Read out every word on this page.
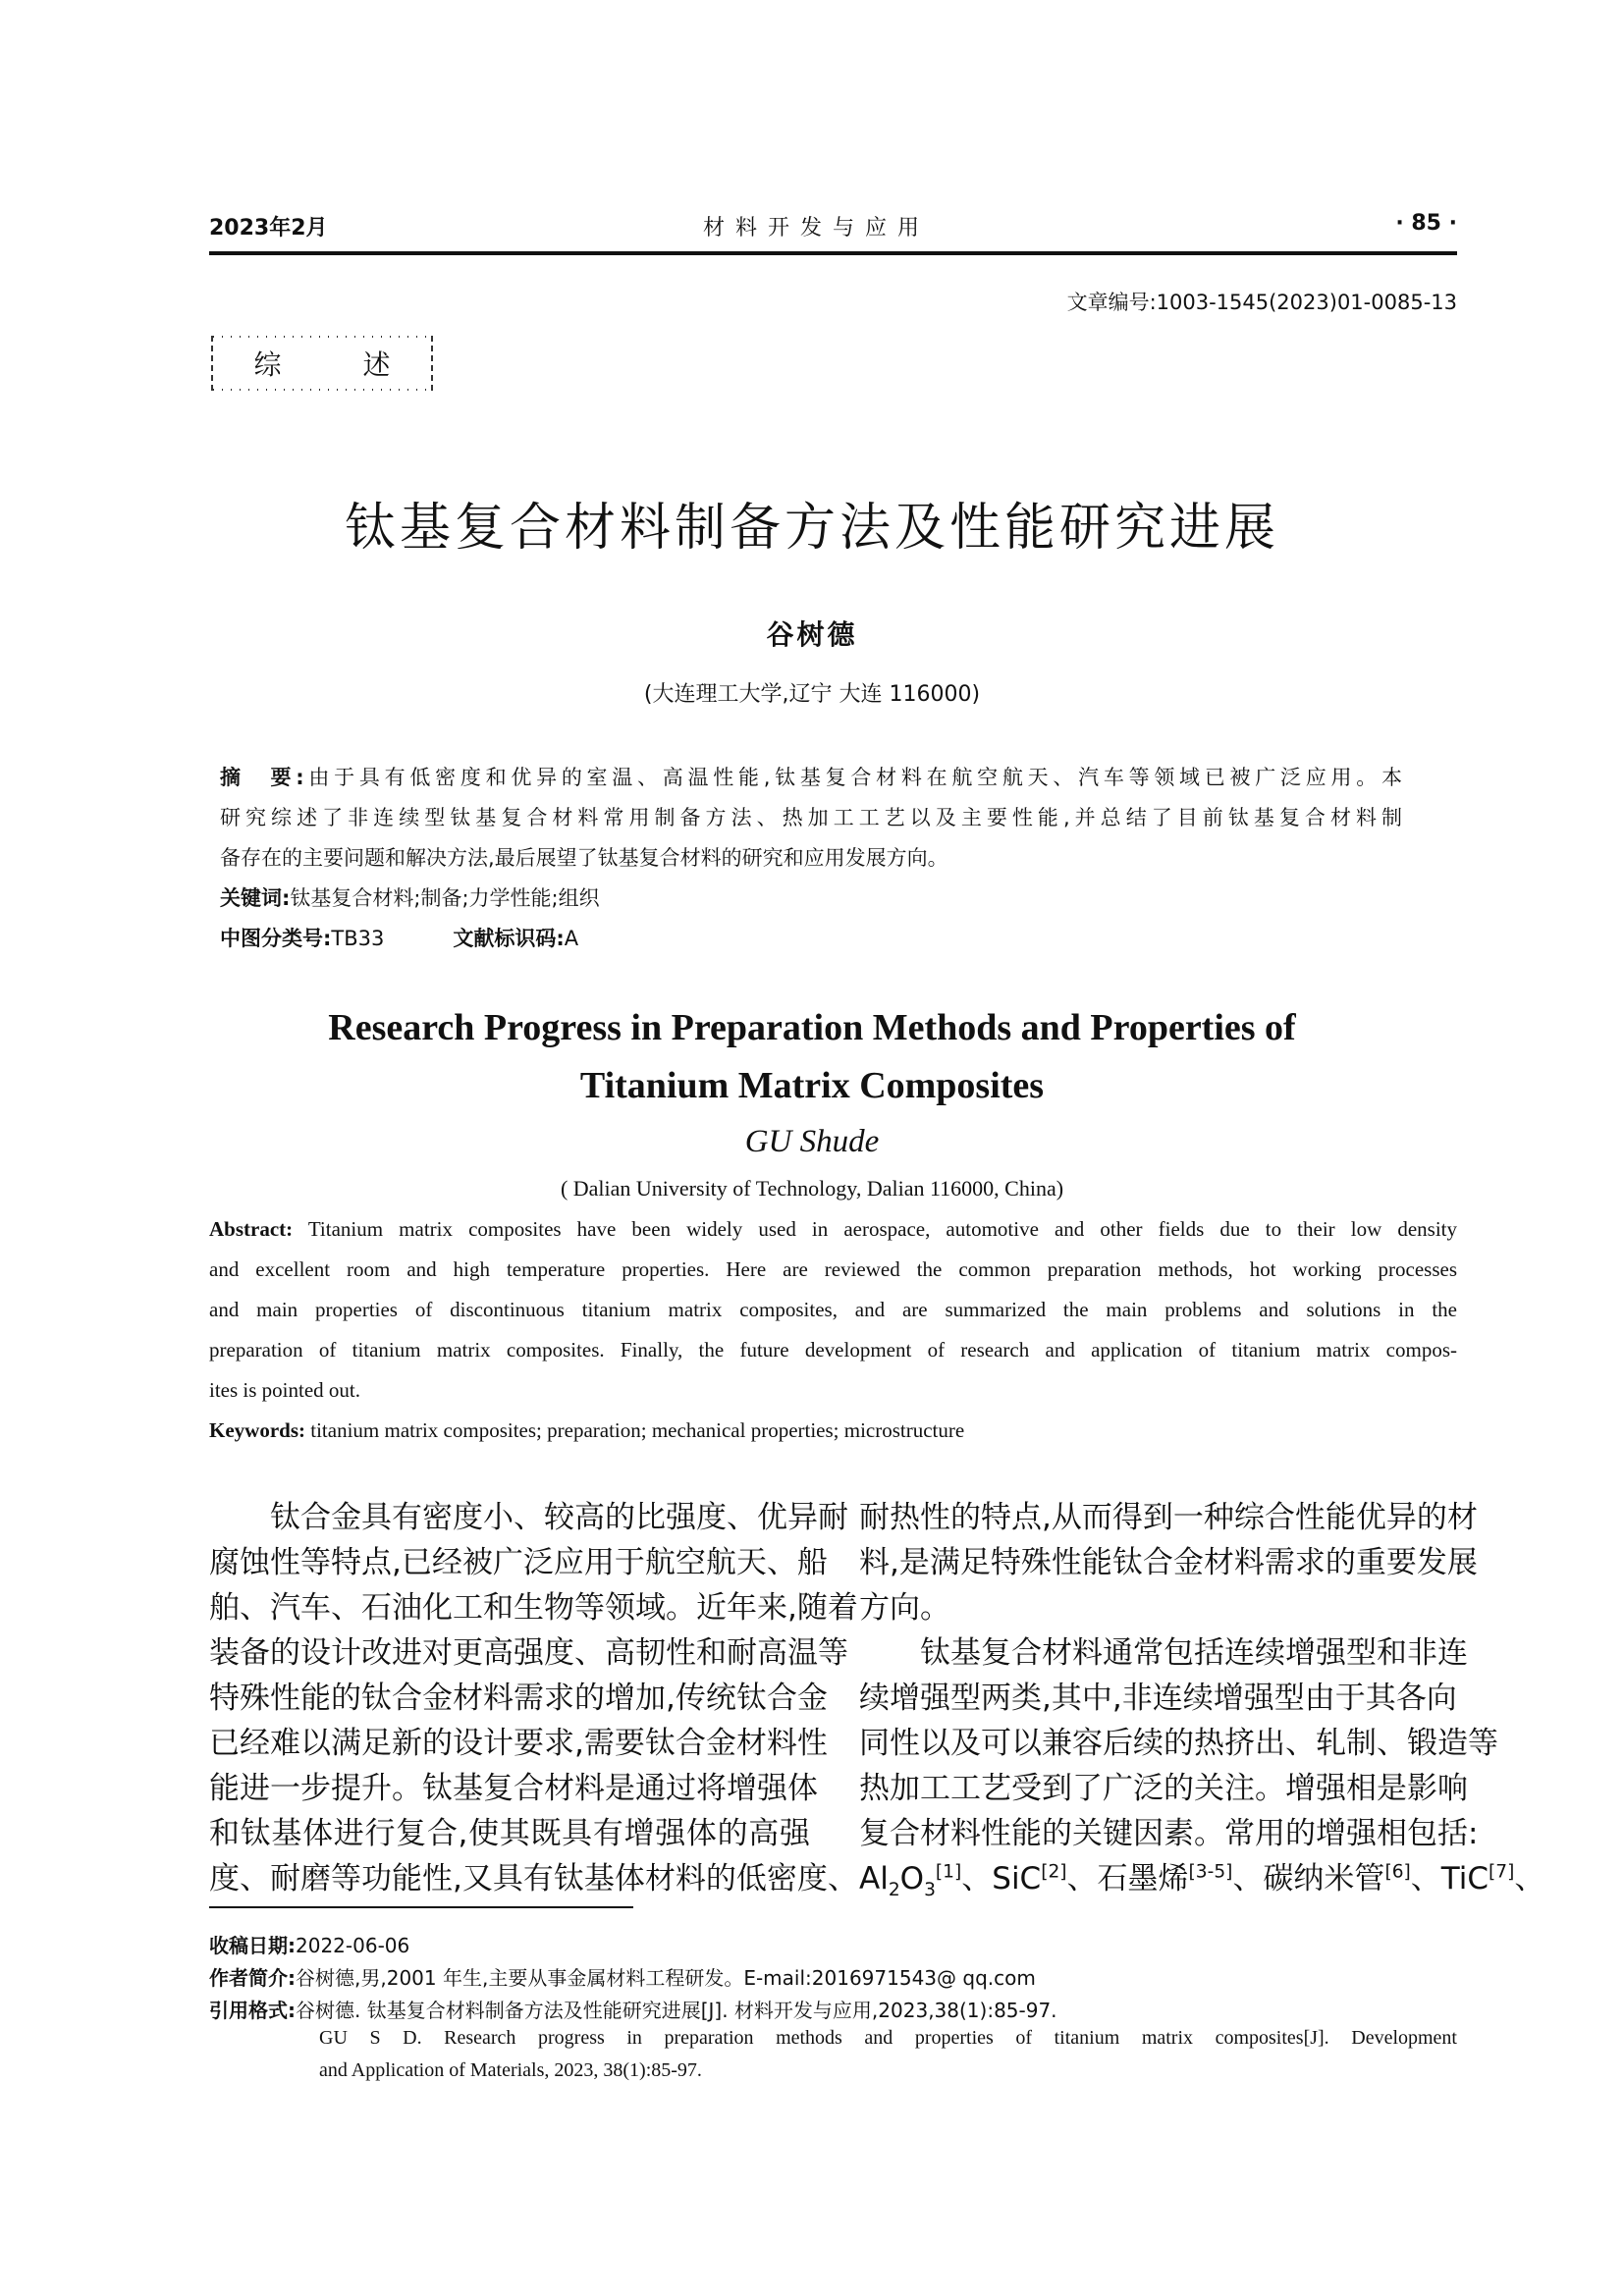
2023年2月	材 料 开 发 与 应 用	· 85 ·
文章编号:1003-1545(2023)01-0085-13
综	述
钛基复合材料制备方法及性能研究进展
谷树德
(大连理工大学,辽宁 大连 116000)
摘　要:由于具有低密度和优异的室温、高温性能,钛基复合材料在航空航天、汽车等领域已被广泛应用。本
研究综述了非连续型钛基复合材料常用制备方法、热加工工艺以及主要性能,并总结了目前钛基复合材料制
备存在的主要问题和解决方法,最后展望了钛基复合材料的研究和应用发展方向。
关键词:钛基复合材料;制备;力学性能;组织
中图分类号:TB33	文献标识码:A
Research Progress in Preparation Methods and Properties of
Titanium Matrix Composites
GU Shude
( Dalian University of Technology, Dalian 116000, China)
Abstract: Titanium matrix composites have been widely used in aerospace, automotive and other fields due to their low density
and excellent room and high temperature properties. Here are reviewed the common preparation methods, hot working processes
and main properties of discontinuous titanium matrix composites, and are summarized the main problems and solutions in the
preparation of titanium matrix composites. Finally, the future development of research and application of titanium matrix compos-
ites is pointed out.
Keywords: titanium matrix composites; preparation; mechanical properties; microstructure
　　钛合金具有密度小、较高的比强度、优异耐
腐蚀性等特点,已经被广泛应用于航空航天、船
舶、汽车、石油化工和生物等领域。近年来,随着
装备的设计改进对更高强度、高韧性和耐高温等
特殊性能的钛合金材料需求的增加,传统钛合金
已经难以满足新的设计要求,需要钛合金材料性
能进一步提升。钛基复合材料是通过将增强体
和钛基体进行复合,使其既具有增强体的高强
度、耐磨等功能性,又具有钛基体材料的低密度、
耐热性的特点,从而得到一种综合性能优异的材
料,是满足特殊性能钛合金材料需求的重要发展
方向。
　　钛基复合材料通常包括连续增强型和非连
续增强型两类,其中,非连续增强型由于其各向
同性以及可以兼容后续的热挤出、轧制、锻造等
热加工工艺受到了广泛的关注。增强相是影响
复合材料性能的关键因素。常用的增强相包括:
$Al_2O_3[1]$、SiC[2]、石墨烯[3-5]、碳纳米管[6]、TiC[7]、
收稿日期:2022-06-06
作者简介:谷树德,男,2001 年生,主要从事金属材料工程研发。E-mail:2016971543@ qq.com
引用格式:谷树德. 钛基复合材料制备方法及性能研究进展[J]. 材料开发与应用,2023,38(1):85-97.
GU S D. Research progress in preparation methods and properties of titanium matrix composites[J]. Development
and Application of Materials, 2023, 38(1):85-97.
